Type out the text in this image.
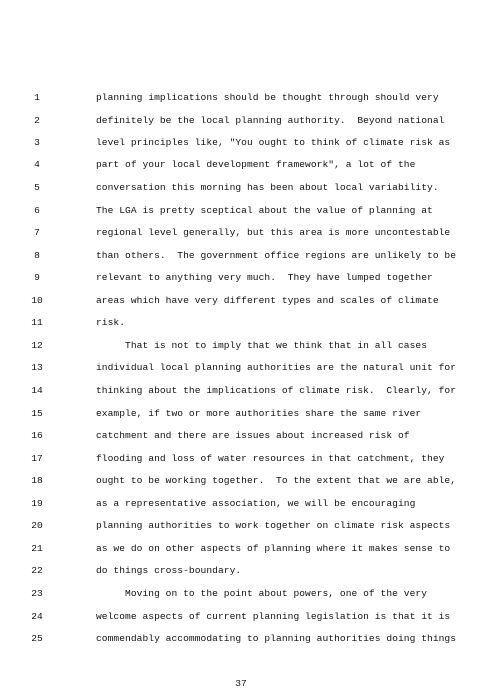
1	planning implications should be thought through should very
2	definitely be the local planning authority.  Beyond national
3	level principles like, "You ought to think of climate risk as
4	part of your local development framework", a lot of the
5	conversation this morning has been about local variability.
6	The LGA is pretty sceptical about the value of planning at
7	regional level generally, but this area is more uncontestable
8	than others.  The government office regions are unlikely to be
9	relevant to anything very much.  They have lumped together
10	areas which have very different types and scales of climate
11	risk.
12	That is not to imply that we think that in all cases
13	individual local planning authorities are the natural unit for
14	thinking about the implications of climate risk.  Clearly, for
15	example, if two or more authorities share the same river
16	catchment and there are issues about increased risk of
17	flooding and loss of water resources in that catchment, they
18	ought to be working together.  To the extent that we are able,
19	as a representative association, we will be encouraging
20	planning authorities to work together on climate risk aspects
21	as we do on other aspects of planning where it makes sense to
22	do things cross-boundary.
23	Moving on to the point about powers, one of the very
24	welcome aspects of current planning legislation is that it is
25	commendably accommodating to planning authorities doing things
37
